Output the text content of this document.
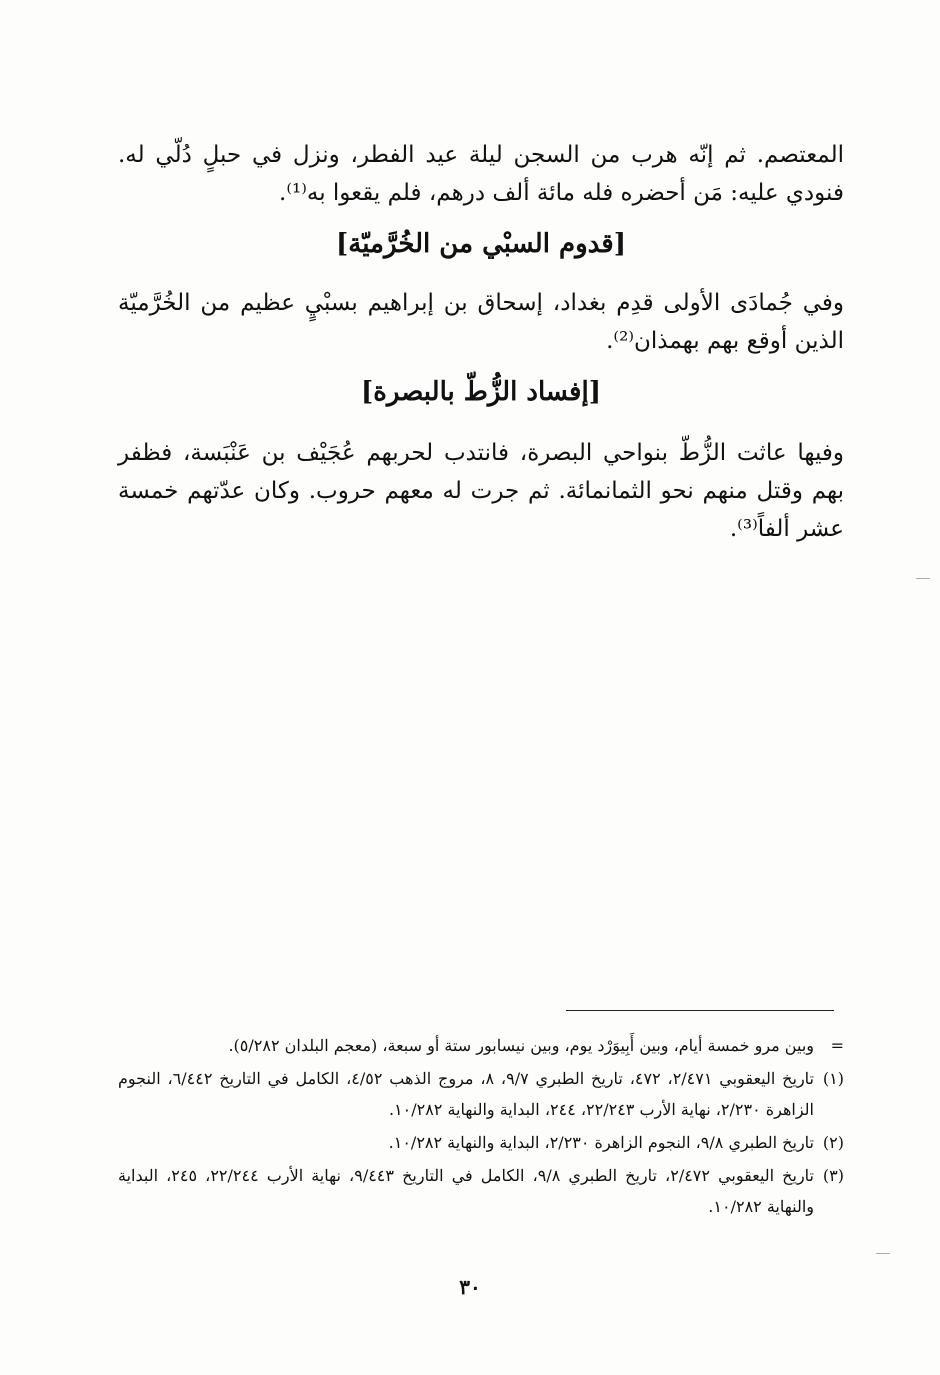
المعتصم. ثم إنّه هرب من السجن ليلة عيد الفطر، ونزل في حبلٍ دُلّي له. فنودي عليه: مَن أحضره فله مائة ألف درهم، فلم يقعوا به⁽¹⁾.

[قدوم السبْي من الخُرَّميّة]

وفي جُمادَى الأولى قدِم بغداد، إسحاق بن إبراهيم بسبْيٍ عظيم من الخُرَّميّة الذين أوقع بهم بهمذان⁽²⁾.

[إفساد الزُّطّ بالبصرة]

وفيها عاثت الزُّطّ بنواحي البصرة، فانتدب لحربهم عُجَيْف بن عَنْبَسة، فظفر بهم وقتل منهم نحو الثمانمائة. ثم جرت له معهم حروب. وكان عدّتهم خمسة عشر ألفاً⁽³⁾.

=
وبين مرو خمسة أيام، وبين أَبِيوَرْد يوم، وبين نيسابور ستة أو سبعة، (معجم البلدان ٥/٢٨٢).
(١)
تاريخ اليعقوبي ٢/٤٧١، ٤٧٢، تاريخ الطبري ٩/٧، ٨، مروج الذهب ٤/٥٢، الكامل في التاريخ ٦/٤٤٢، النجوم الزاهرة ٢/٢٣٠، نهاية الأرب ٢٢/٢٤٣، ٢٤٤، البداية والنهاية ١٠/٢٨٢.
(٢)
تاريخ الطبري ٩/٨، النجوم الزاهرة ٢/٢٣٠، البداية والنهاية ١٠/٢٨٢.
(٣)
تاريخ اليعقوبي ٢/٤٧٢، تاريخ الطبري ٩/٨، الكامل في التاريخ ٩/٤٤٣، نهاية الأرب ٢٢/٢٤٤، ٢٤٥، البداية والنهاية ١٠/٢٨٢.
٣٠
